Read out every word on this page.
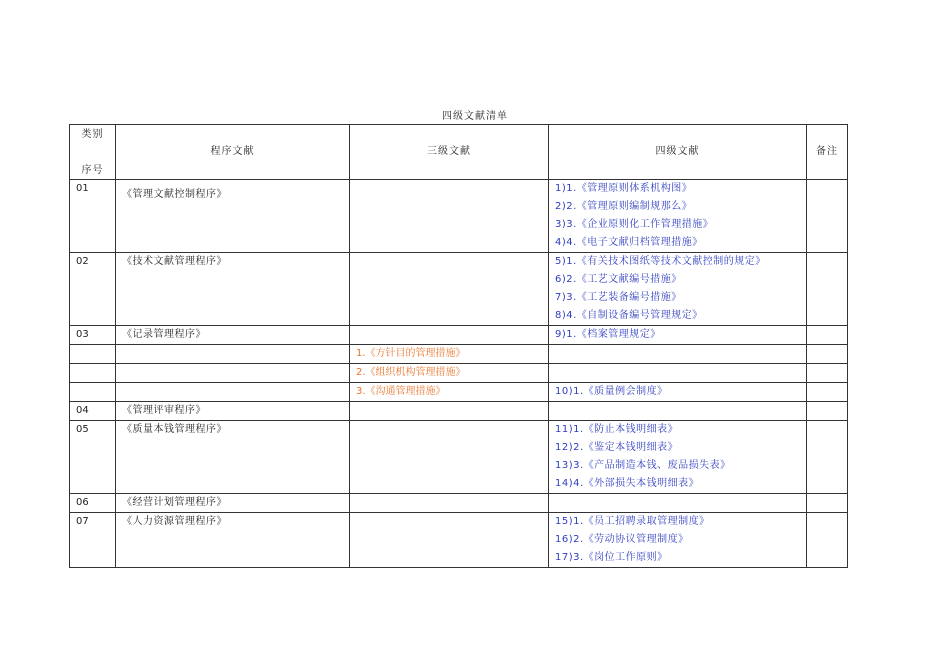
四级文献清单
类别
序号	程序文献	三级文献	四级文献	备注
01	《管理文献控制程序》		1)1.《管理原则体系机构图》
2)2.《管理原则编制规那么》
3)3.《企业原则化工作管理措施》
4)4.《电子文献归档管理措施》	

02	《技术文献管理程序》		5)1.《有关技术图纸等技术文献控制的规定》
6)2.《工艺文献编号措施》
7)3.《工艺装备编号措施》
8)4.《自制设备编号管理规定》	

03	《记录管理程序》		9)1.《档案管理规定》	

		1.《方针目的管理措施》		

		2.《组织机构管理措施》		

		3.《沟通管理措施》	10)1.《质量例会制度》	

04	《管理评审程序》			

05	《质量本钱管理程序》		11)1.《防止本钱明细表》
12)2.《鉴定本钱明细表》
13)3.《产品制造本钱、废品损失表》
14)4.《外部损失本钱明细表》	

06	《经营计划管理程序》			

07	《人力资源管理程序》		15)1.《员工招聘录取管理制度》
16)2.《劳动协议管理制度》
17)3.《岗位工作原则》	
